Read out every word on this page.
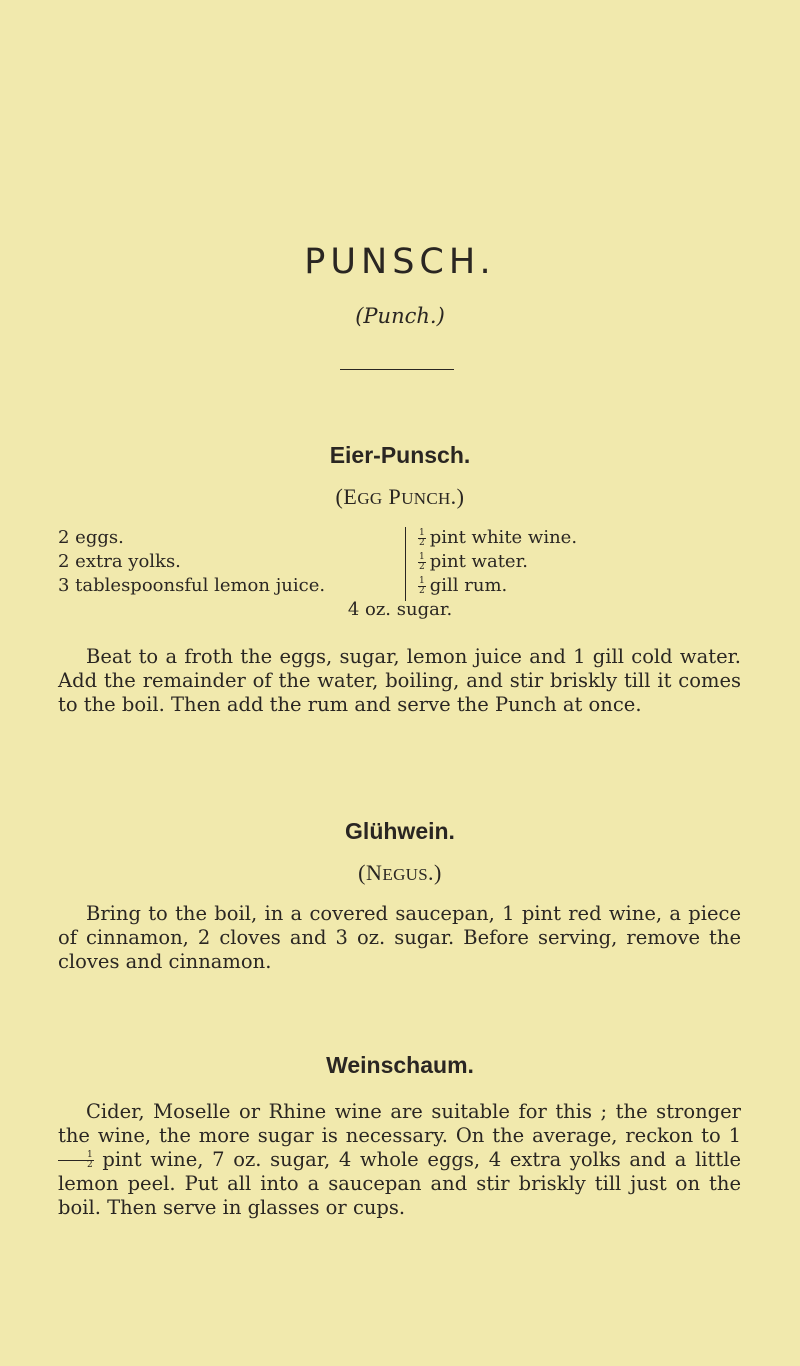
PUNSCH.
(Punch.)
Eier-Punsch.
(EGG PUNCH.)
2 eggs.
2 extra yolks.
3 tablespoonsful lemon juice.
$\frac{1}{2}$ pint white wine.
$\frac{1}{2}$ pint water.
$\frac{1}{2}$ gill rum.
4 oz. sugar.
Beat to a froth the eggs, sugar, lemon juice and 1 gill cold water. Add the remainder of the water, boiling, and stir briskly till it comes to the boil. Then add the rum and serve the Punch at once.
Glühwein.
(NEGUS.)
Bring to the boil, in a covered saucepan, 1 pint red wine, a piece of cinnamon, 2 cloves and 3 oz. sugar. Before serving, remove the cloves and cinnamon.
Weinschaum.
Cider, Moselle or Rhine wine are suitable for this ; the stronger the wine, the more sugar is necessary. On the average, reckon to 1
$\frac{1}{2}$ pint wine, 7 oz. sugar, 4 whole eggs, 4 extra yolks and a little lemon peel. Put all into a saucepan and stir briskly till just on the boil. Then serve in glasses or cups.
